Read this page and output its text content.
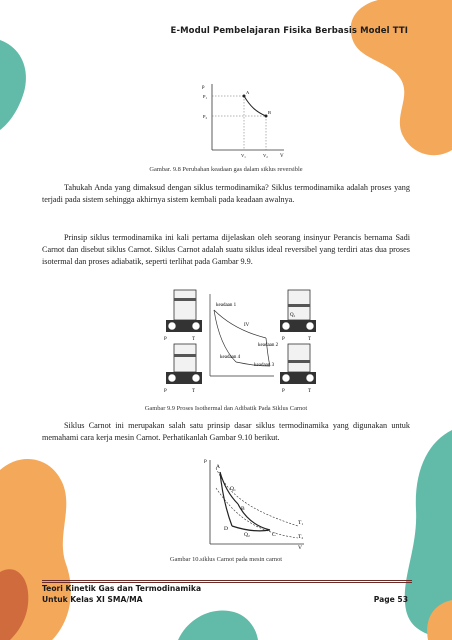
E-Modul Pembelajaran Fisika Berbasis Model TTI
p
V
P₁
P₂
V₁	V₂
A
B
Gambar. 9.8 Perubahan keadaan gas dalam siklus reversible
Tahukah Anda yang dimaksud dengan siklus termodinamika? Siklus termodinamika adalah proses yang terjadi pada sistem sehingga akhirnya sistem kembali pada keadaan awalnya.
Prinsip siklus termodinamika ini kali pertama dijelaskan oleh seorang insinyur Perancis bernama Sadi Carnot dan disebut siklus Carnot. Siklus Carnot adalah suatu siklus ideal reversibel yang terdiri atas dua proses isotermal dan proses adiabatik, seperti terlihat pada Gambar 9.9.
P	T
P	T
keadaan 1
IV
keadaan 2
keadaan 4
keadaan 3
Q₁
P	T
P	T
Gambar 9.9 Proses Isothermal dan Adibatik Pada Siklus Carnot
Siklus Carnot ini merupakan salah satu prinsip dasar siklus termodinamika yang digunakan untuk memahami cara kerja mesin Carnot. Perhatikanlah Gambar 9.10 berikut.
p
V
A
B
C
D
Q₁
Q₂
T₁
T₂
Gambar 10.siklus Carnot pada mesin carnot
Teori Kinetik Gas dan Termodinamika
Untuk Kelas XI SMA/MA	Page 53
